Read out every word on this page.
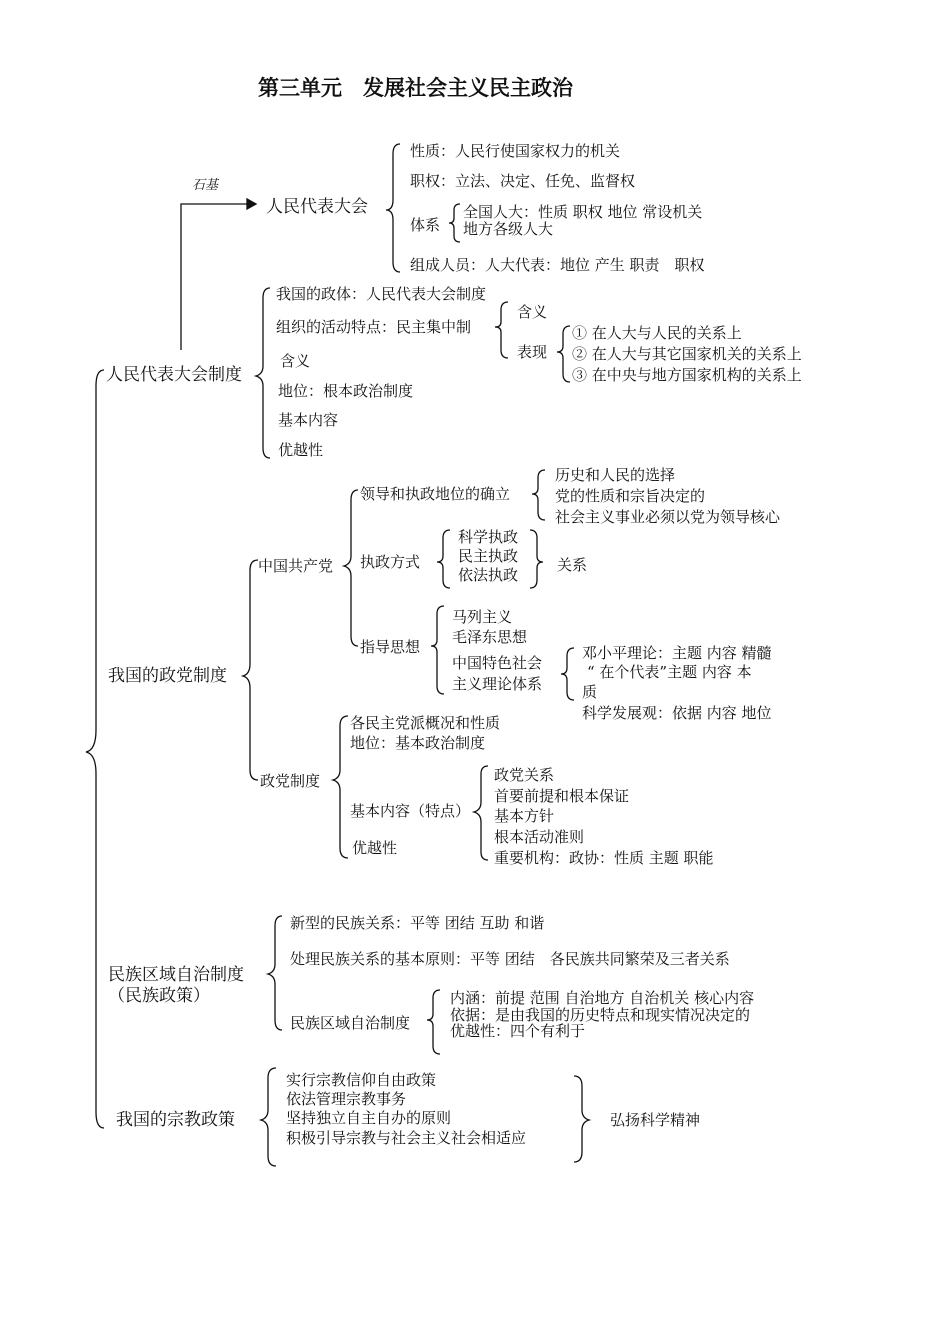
第三单元　发展社会主义民主政治
石基
人民代表大会
性质：人民行使国家权力的机关
职权：立法、决定、任免、监督权
体系
全国人大：性质 职权 地位 常设机关
地方各级人大
组成人员：人大代表：地位 产生 职责　职权
人民代表大会制度
我国的政体：人民代表大会制度
组织的活动特点：民主集中制
含义
表现
① 在人大与人民的关系上
② 在人大与其它国家机关的关系上
③ 在中央与地方国家机构的关系上
含义
地位：根本政治制度
基本内容
优越性
我国的政党制度
中国共产党
领导和执政地位的确立
历史和人民的选择
党的性质和宗旨决定的
社会主义事业必须以党为领导核心
执政方式
科学执政
民主执政
依法执政
关系
指导思想
马列主义
毛泽东思想
中国特色社会
主义理论体系
邓小平理论：主题 内容 精髓
“ 在个代表”主题 内容 本
质
科学发展观：依据 内容 地位
政党制度
各民主党派概况和性质
地位：基本政治制度
基本内容（特点）
优越性
政党关系
首要前提和根本保证
基本方针
根本活动准则
重要机构：政协：性质 主题 职能
民族区域自治制度
（民族政策）
新型的民族关系：平等 团结 互助 和谐
处理民族关系的基本原则：平等 团结　各民族共同繁荣及三者关系
民族区域自治制度
内涵：前提 范围 自治地方 自治机关 核心内容
依据：是由我国的历史特点和现实情况决定的
优越性：四个有利于
我国的宗教政策
实行宗教信仰自由政策
依法管理宗教事务
坚持独立自主自办的原则
积极引导宗教与社会主义社会相适应
弘扬科学精神
